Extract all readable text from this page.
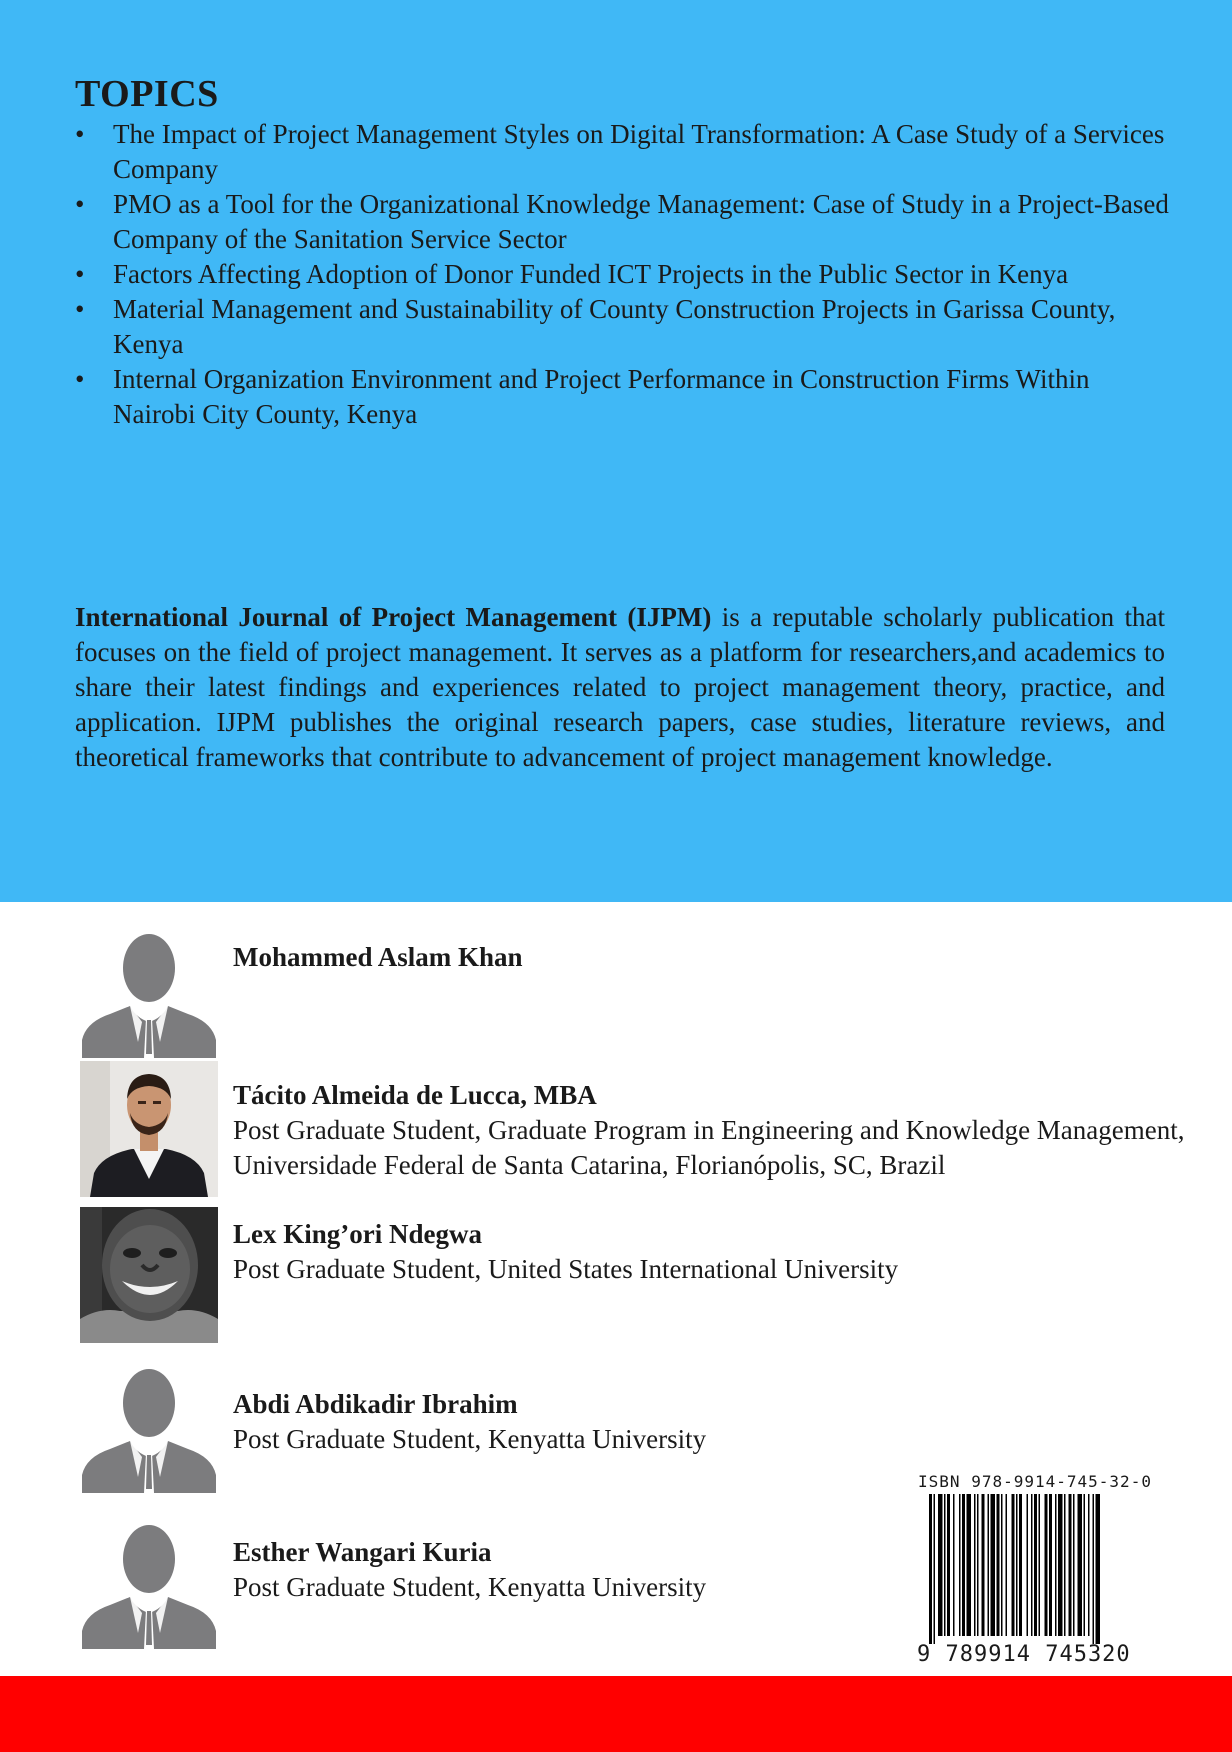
TOPICS
• The Impact of Project Management Styles on Digital Transformation: A Case Study of a Services Company
• PMO as a Tool for the Organizational Knowledge Management: Case of Study in a Project-Based Company of the Sanitation Service Sector
• Factors Affecting Adoption of Donor Funded ICT Projects in the Public Sector in Kenya
• Material Management and Sustainability of County Construction Projects in Garissa County, Kenya
• Internal Organization Environment and Project Performance in Construction Firms Within Nairobi City County, Kenya

International Journal of Project Management (IJPM) is a reputable scholarly publication that focuses on the field of project management. It serves as a platform for researchers,and academics to share their latest findings and experiences related to project management theory, practice, and application. IJPM publishes the original research papers, case studies, literature reviews, and theoretical frameworks that contribute to advancement of project management knowledge.

Mohammed Aslam Khan

Tácito Almeida de Lucca, MBA

Post Graduate Student, Graduate Program in Engineering and Knowledge Management, Universidade Federal de Santa Catarina, Florianópolis, SC, Brazil

Lex King’ori Ndegwa

Post Graduate Student, United States International University

Abdi Abdikadir Ibrahim

Post Graduate Student, Kenyatta University

Esther Wangari Kuria

Post Graduate Student, Kenyatta University

ISBN 978-9914-745-32-0
9 789914 745320
